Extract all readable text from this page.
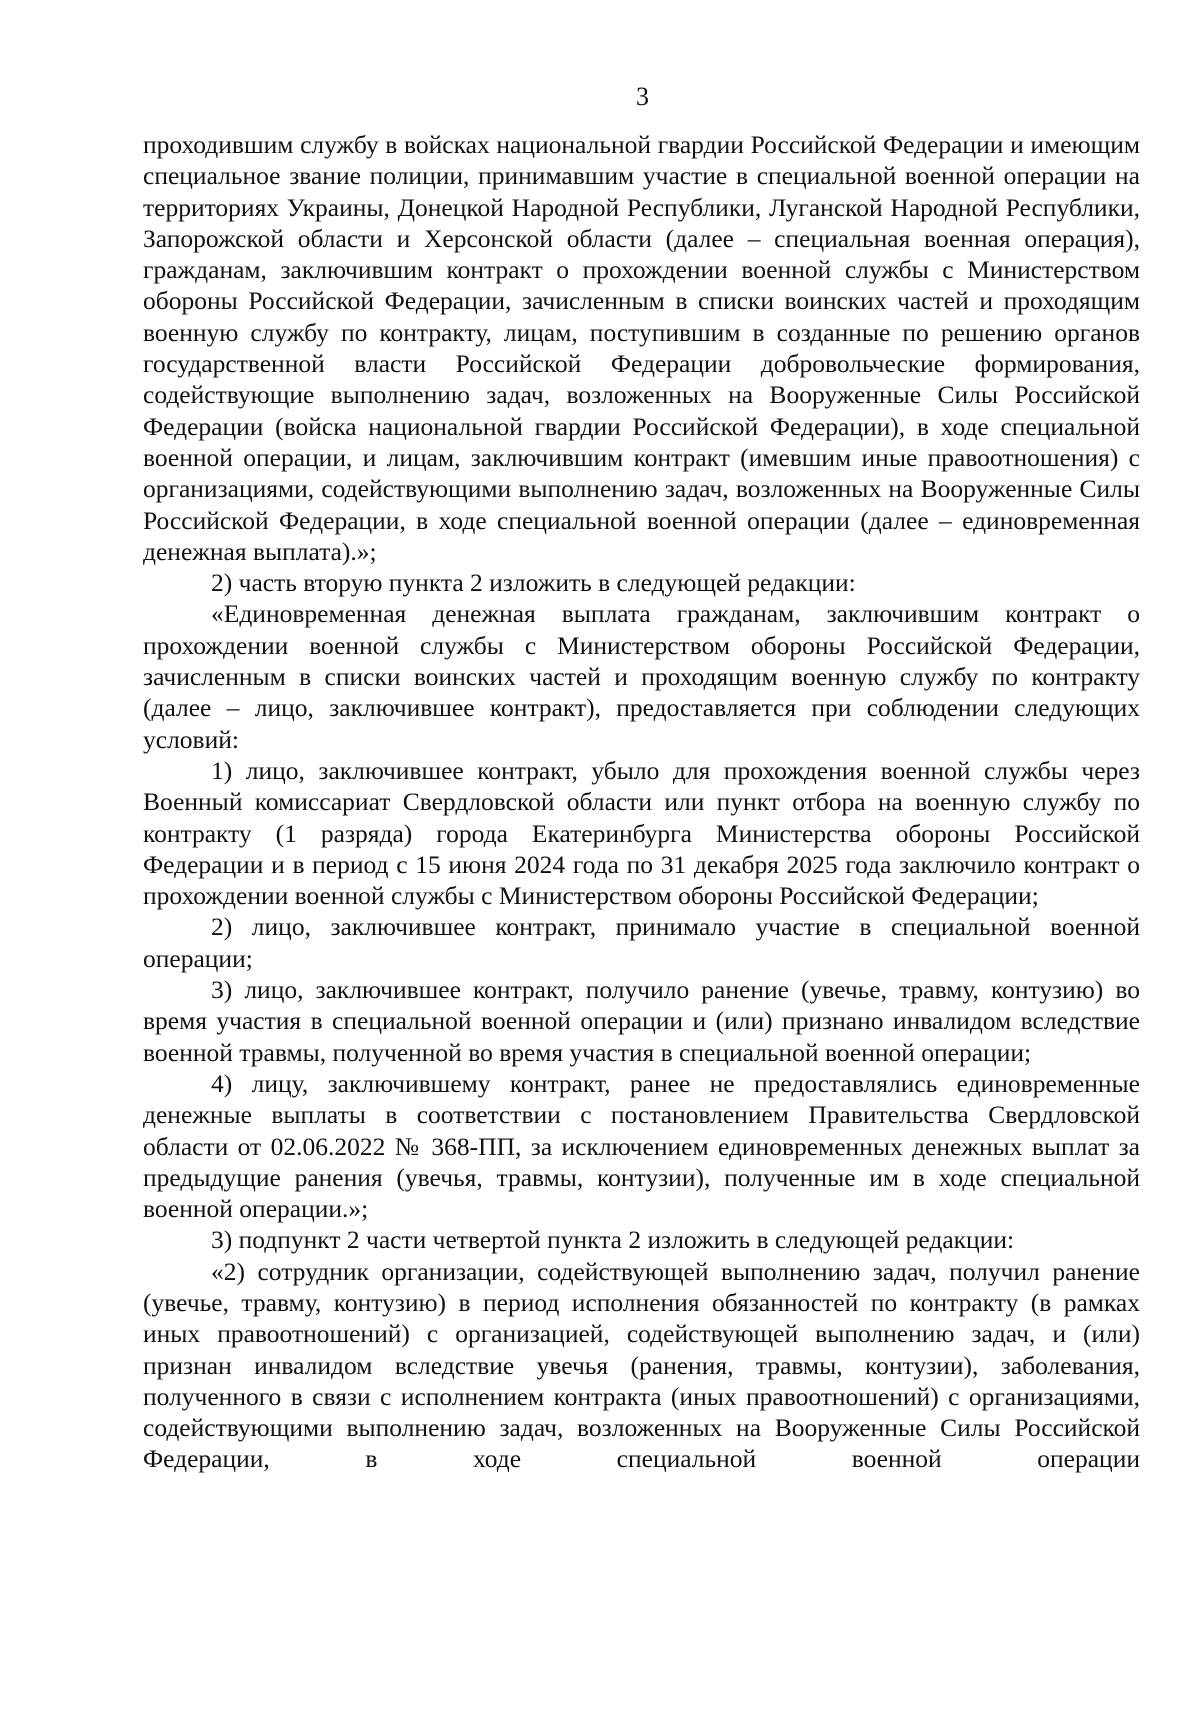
3

проходившим службу в войсках национальной гвардии Российской Федерации и имеющим специальное звание полиции, принимавшим участие в специальной военной операции на территориях Украины, Донецкой Народной Республики, Луганской Народной Республики, Запорожской области и Херсонской области (далее – специальная военная операция), гражданам, заключившим контракт о прохождении военной службы с Министерством обороны Российской Федерации, зачисленным в списки воинских частей и проходящим военную службу по контракту, лицам, поступившим в созданные по решению органов государственной власти Российской Федерации добровольческие формирования, содействующие выполнению задач, возложенных на Вооруженные Силы Российской Федерации (войска национальной гвардии Российской Федерации), в ходе специальной военной операции, и лицам, заключившим контракт (имевшим иные правоотношения) с организациями, содействующими выполнению задач, возложенных на Вооруженные Силы Российской Федерации, в ходе специальной военной операции (далее – единовременная денежная выплата).»;

2) часть вторую пункта 2 изложить в следующей редакции:

«Единовременная денежная выплата гражданам, заключившим контракт о прохождении военной службы с Министерством обороны Российской Федерации, зачисленным в списки воинских частей и проходящим военную службу по контракту (далее – лицо, заключившее контракт), предоставляется при соблюдении следующих условий:

1) лицо, заключившее контракт, убыло для прохождения военной службы через Военный комиссариат Свердловской области или пункт отбора на военную службу по контракту (1 разряда) города Екатеринбурга Министерства обороны Российской Федерации и в период с 15 июня 2024 года по 31 декабря 2025 года заключило контракт о прохождении военной службы с Министерством обороны Российской Федерации;

2) лицо, заключившее контракт, принимало участие в специальной военной операции;

3) лицо, заключившее контракт, получило ранение (увечье, травму, контузию) во время участия в специальной военной операции и (или) признано инвалидом вследствие военной травмы, полученной во время участия в специальной военной операции;

4) лицу, заключившему контракт, ранее не предоставлялись единовременные денежные выплаты в соответствии с постановлением Правительства Свердловской области от 02.06.2022 № 368-ПП, за исключением единовременных денежных выплат за предыдущие ранения (увечья, травмы, контузии), полученные им в ходе специальной военной операции.»;

3) подпункт 2 части четвертой пункта 2 изложить в следующей редакции:

«2) сотрудник организации, содействующей выполнению задач, получил ранение (увечье, травму, контузию) в период исполнения обязанностей по контракту (в рамках иных правоотношений) с организацией, содействующей выполнению задач, и (или) признан инвалидом вследствие увечья (ранения, травмы, контузии), заболевания, полученного в связи с исполнением контракта (иных правоотношений) с организациями, содействующими выполнению задач, возложенных на Вооруженные Силы Российской Федерации, в ходе специальной военной операции
